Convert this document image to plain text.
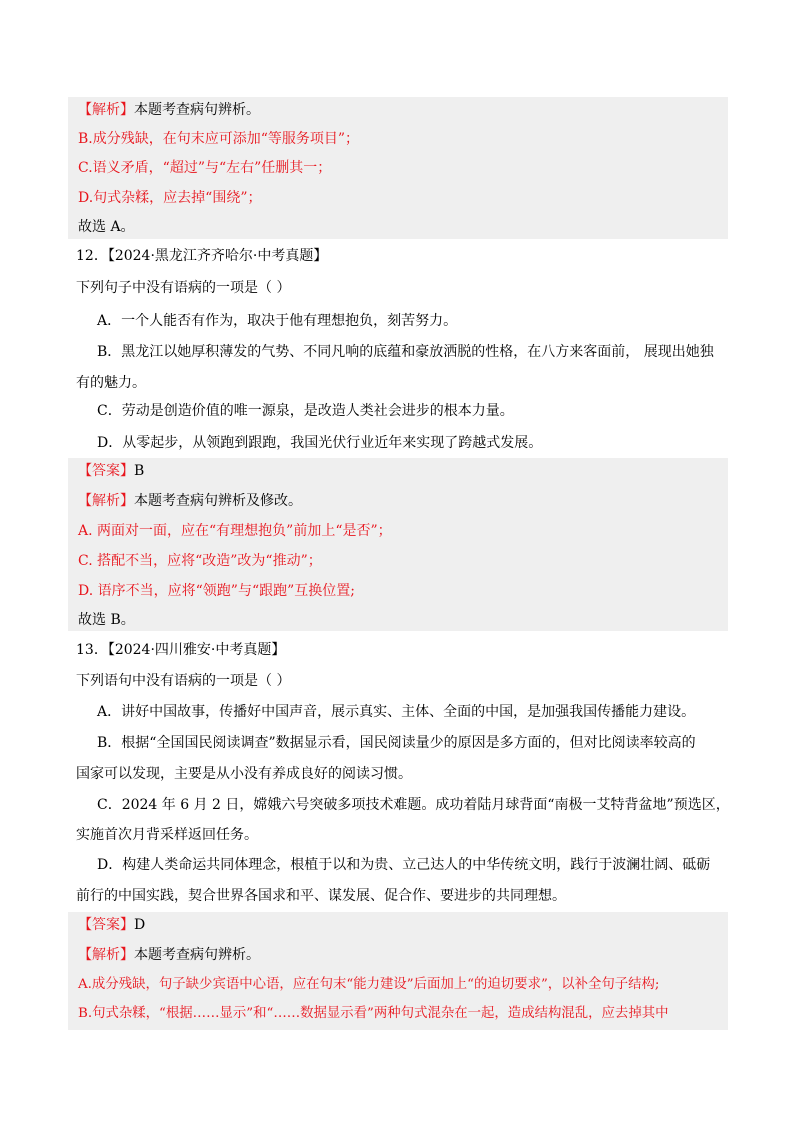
【解析】本题考查病句辨析。
B.成分残缺，在句末应可添加“等服务项目”；
C.语义矛盾，“超过”与“左右”任删其一；
D.句式杂糅，应去掉“围绕”；
故选 A。
12．【2024·黑龙江齐齐哈尔·中考真题】
下列句子中没有语病的一项是（ ）
A．一个人能否有作为，取决于他有理想抱负，刻苦努力。
B．黑龙江以她厚积薄发的气势、不同凡响的底蕴和豪放洒脱的性格，在八方来客面前， 展现出她独
有的魅力。
C．劳动是创造价值的唯一源泉，是改造人类社会进步的根本力量。
D．从零起步，从领跑到跟跑，我国光伏行业近年来实现了跨越式发展。
【答案】B
【解析】本题考查病句辨析及修改。
A. 两面对一面，应在“有理想抱负”前加上“是否”；
C. 搭配不当，应将“改造”改为“推动”；
D. 语序不当，应将“领跑”与“跟跑”互换位置;
故选 B。
13．【2024·四川雅安·中考真题】
下列语句中没有语病的一项是（ ）
A．讲好中国故事，传播好中国声音，展示真实、主体、全面的中国，是加强我国传播能力建设。
B．根据“全国国民阅读调查”数据显示看，国民阅读量少的原因是多方面的，但对比阅读率较高的
国家可以发现，主要是从小没有养成良好的阅读习惯。
C．2024 年 6 月 2 日，嫦娥六号突破多项技术难题。成功着陆月球背面“南极一艾特背盆地”预选区，
实施首次月背采样返回任务。
D．构建人类命运共同体理念，根植于以和为贵、立己达人的中华传统文明，践行于波澜壮阔、砥砺
前行的中国实践，契合世界各国求和平、谋发展、促合作、要进步的共同理想。
【答案】D
【解析】本题考查病句辨析。
A.成分残缺，句子缺少宾语中心语，应在句末“能力建设”后面加上“的迫切要求”，以补全句子结构;
B.句式杂糅，“根据……显示”和“……数据显示看”两种句式混杂在一起，造成结构混乱，应去掉其中
